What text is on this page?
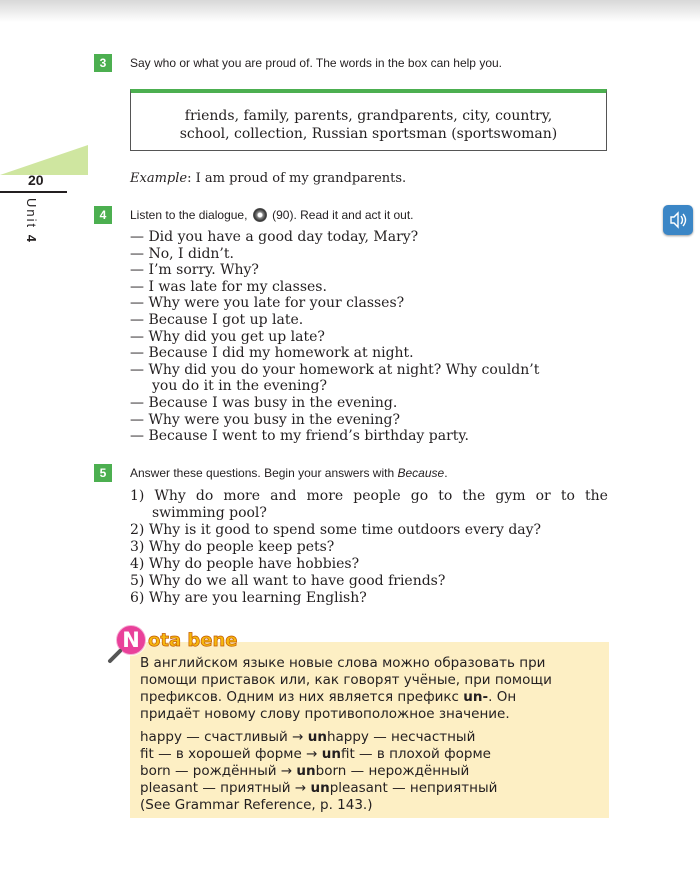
20
Unit 4
3	Say who or what you are proud of. The words in the box can help you.
friends, family, parents, grandparents, city, country,
school, collection, Russian sportsman (sportswoman)
Example: I am proud of my grandparents.
4	Listen to the dialogue, (90). Read it and act it out.
— Did you have a good day today, Mary?
— No, I didn’t.
— I’m sorry. Why?
— I was late for my classes.
— Why were you late for your classes?
— Because I got up late.
— Why did you get up late?
— Because I did my homework at night.
— Why did you do your homework at night? Why couldn’t
you do it in the evening?
— Because I was busy in the evening.
— Why were you busy in the evening?
— Because I went to my friend’s birthday party.
5	Answer these questions. Begin your answers with Because.
1) Why do more and more people go to the gym or to the
swimming pool?
2) Why is it good to spend some time outdoors every day?
3) Why do people keep pets?
4) Why do people have hobbies?
5) Why do we all want to have good friends?
6) Why are you learning English?
N ota bene
В английском языке новые слова можно образовать при
помощи приставок или, как говорят учёные, при помощи
префиксов. Одним из них является префикс un-. Он
придаёт новому слову противоположное значение.
happy — счастливый → unhappy — несчастный
fit — в хорошей форме → unfit — в плохой форме
born — рождённый → unborn — нерождённый
pleasant — приятный → unpleasant — неприятный
(See Grammar Reference, p. 143.)
